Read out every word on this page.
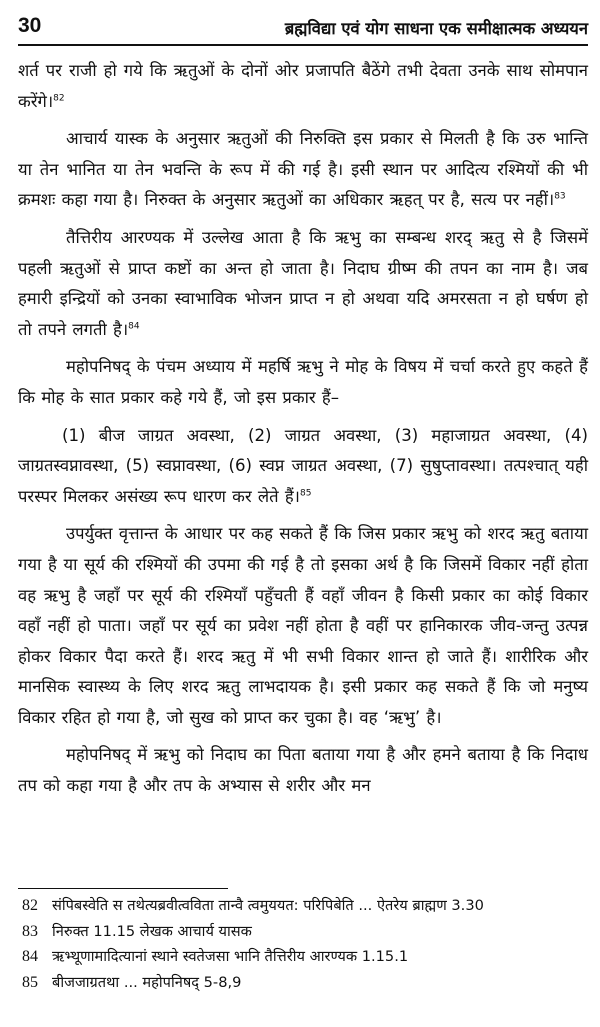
30	ब्रह्मविद्या एवं योग साधना एक समीक्षात्मक अध्ययन

शर्त पर राजी हो गये कि ऋतुओं के दोनों ओर प्रजापति बैठेंगे तभी देवता उनके साथ सोमपान करेंगे।$^{82}$

आचार्य यास्क के अनुसार ऋतुओं की निरुक्ति इस प्रकार से मिलती है कि उरु भान्ति या तेन भानित या तेन भवन्ति के रूप में की गई है। इसी स्थान पर आदित्य रश्मियों की भी क्रमशः कहा गया है। निरुक्त के अनुसार ऋतुओं का अधिकार ऋहत् पर है, सत्य पर नहीं।$^{83}$

तैत्तिरीय आरण्यक में उल्लेख आता है कि ऋभु का सम्बन्ध शरद् ऋतु से है जिसमें पहली ऋतुओं से प्राप्त कष्टों का अन्त हो जाता है। निदाघ ग्रीष्म की तपन का नाम है। जब हमारी इन्द्रियों को उनका स्वाभाविक भोजन प्राप्त न हो अथवा यदि अमरसता न हो घर्षण हो तो तपने लगती है।$^{84}$

महोपनिषद् के पंचम अध्याय में महर्षि ऋभु ने मोह के विषय में चर्चा करते हुए कहते हैं कि मोह के सात प्रकार कहे गये हैं, जो इस प्रकार हैं–

(1) बीज जाग्रत अवस्था, (2) जाग्रत अवस्था, (3) महाजाग्रत अवस्था, (4) जाग्रतस्वप्नावस्था, (5) स्वप्नावस्था, (6) स्वप्न जाग्रत अवस्था, (7) सुषुप्तावस्था। तत्पश्चात् यही परस्पर मिलकर असंख्य रूप धारण कर लेते हैं।$^{85}$

उपर्युक्त वृत्तान्त के आधार पर कह सकते हैं कि जिस प्रकार ऋभु को शरद ऋतु बताया गया है या सूर्य की रश्मियों की उपमा की गई है तो इसका अर्थ है कि जिसमें विकार नहीं होता वह ऋभु है जहाँ पर सूर्य की रश्मियाँ पहुँचती हैं वहाँ जीवन है किसी प्रकार का कोई विकार वहाँ नहीं हो पाता। जहाँ पर सूर्य का प्रवेश नहीं होता है वहीं पर हानिकारक जीव-जन्तु उत्पन्न होकर विकार पैदा करते हैं। शरद ऋतु में भी सभी विकार शान्त हो जाते हैं। शारीरिक और मानसिक स्वास्थ्य के लिए शरद ऋतु लाभदायक है। इसी प्रकार कह सकते हैं कि जो मनुष्य विकार रहित हो गया है, जो सुख को प्राप्त कर चुका है। वह ‘ऋभु’ है।

महोपनिषद् में ऋभु को निदाघ का पिता बताया गया है और हमने बताया है कि निदाध तप को कहा गया है और तप के अभ्यास से शरीर और मन

82 संपिबस्वेति स तथेत्यब्रवीत्वविता तान्वै त्वमुययत: परिपिबेति ... ऐतरेय ब्राह्मण 3.30
83 निरुक्त 11.15 लेखक आचार्य यासक
84 ऋभ्थूणामादित्यानां स्थाने स्वतेजसा भानि तैत्तिरीय आरण्यक 1.15.1
85 बीजजाग्रतथा ... महोपनिषद् 5-8,9
